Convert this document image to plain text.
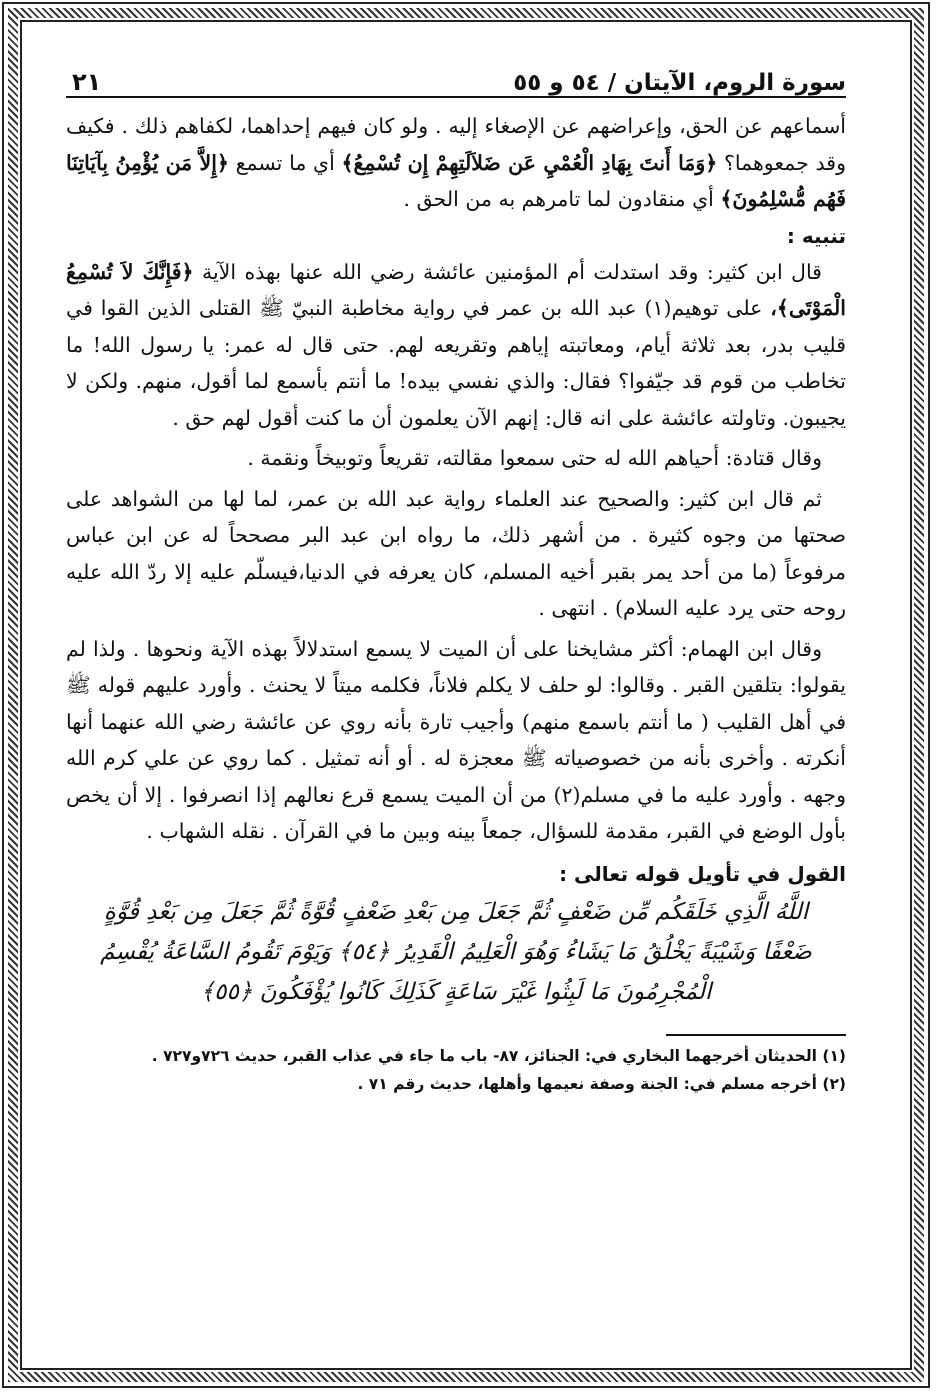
سورة الروم، الآيتان / ٥٤ و ٥٥
٢١

أسماعهم عن الحق، وإعراضهم عن الإصغاء إليه . ولو كان فيهم إحداهما، لكفاهم ذلك . فكيف وقد جمعوهما؟ ﴿وَمَا أَنتَ بِهَادِ الْعُمْيِ عَن ضَلاَلَتِهِمْ إِن تُسْمِعُ﴾ أي ما تسمع ﴿إِلاَّ مَن يُؤْمِنُ بِآيَاتِنَا فَهُم مُّسْلِمُونَ﴾ أي منقادون لما تامرهم به من الحق .

تنبيه :

قال ابن كثير: وقد استدلت أم المؤمنين عائشة رضي الله عنها بهذه الآية ﴿فَإِنَّكَ لاَ تُسْمِعُ الْمَوْتَى﴾، على توهيم(١) عبد الله بن عمر في رواية مخاطبة النبيّ ﷺ القتلى الذين القوا في قليب بدر، بعد ثلاثة أيام، ومعاتبته إياهم وتقريعه لهم. حتى قال له عمر: يا رسول الله! ما تخاطب من قوم قد جيّفوا؟ فقال: والذي نفسي بيده! ما أنتم بأسمع لما أقول، منهم. ولكن لا يجيبون. وتاولته عائشة على انه قال: إنهم الآن يعلمون أن ما كنت أقول لهم حق .

وقال قتادة: أحياهم الله له حتى سمعوا مقالته، تقريعاً وتوبيخاً ونقمة .

ثم قال ابن كثير: والصحيح عند العلماء رواية عبد الله بن عمر، لما لها من الشواهد على صحتها من وجوه كثيرة . من أشهر ذلك، ما رواه ابن عبد البر مصححاً له عن ابن عباس مرفوعاً (ما من أحد يمر بقبر أخيه المسلم، كان يعرفه في الدنيا،فيسلّم عليه إلا ردّ الله عليه روحه حتى يرد عليه السلام) . انتهى .

وقال ابن الهمام: أكثر مشايخنا على أن الميت لا يسمع استدلالاً بهذه الآية ونحوها . ولذا لم يقولوا: بتلقين القبر . وقالوا: لو حلف لا يكلم فلاناً، فكلمه ميتاً لا يحنث . وأورد عليهم قوله ﷺ في أهل القليب ( ما أنتم باسمع منهم) وأجيب تارة بأنه روي عن عائشة رضي الله عنهما أنها أنكرته . وأخرى بأنه من خصوصياته ﷺ معجزة له . أو أنه تمثيل . كما روي عن علي كرم الله وجهه . وأورد عليه ما في مسلم(٢) من أن الميت يسمع قرع نعالهم إذا انصرفوا . إلا أن يخص بأول الوضع في القبر، مقدمة للسؤال، جمعاً بينه وبين ما في القرآن . نقله الشهاب .

القول في تأويل قوله تعالى :

اللَّهُ الَّذِي خَلَقَكُم مِّن ضَعْفٍ ثُمَّ جَعَلَ مِن بَعْدِ ضَعْفٍ قُوَّةً ثُمَّ جَعَلَ مِن بَعْدِ قُوَّةٍ ضَعْفًا وَشَيْبَةً يَخْلُقُ مَا يَشَاءُ وَهُوَ الْعَلِيمُ الْقَدِيرُ ﴿٥٤﴾ وَيَوْمَ تَقُومُ السَّاعَةُ يُقْسِمُ الْمُجْرِمُونَ مَا لَبِثُوا غَيْرَ سَاعَةٍ كَذَلِكَ كَانُوا يُؤْفَكُونَ ﴿٥٥﴾

(١) الحديثان أخرجهما البخاري في: الجنائز، ٨٧- باب ما جاء في عذاب القبر، حديث ٧٢٦و٧٢٧ .

(٢) أخرجه مسلم في: الجنة وصفة نعيمها وأهلها، حديث رقم ٧١ .
